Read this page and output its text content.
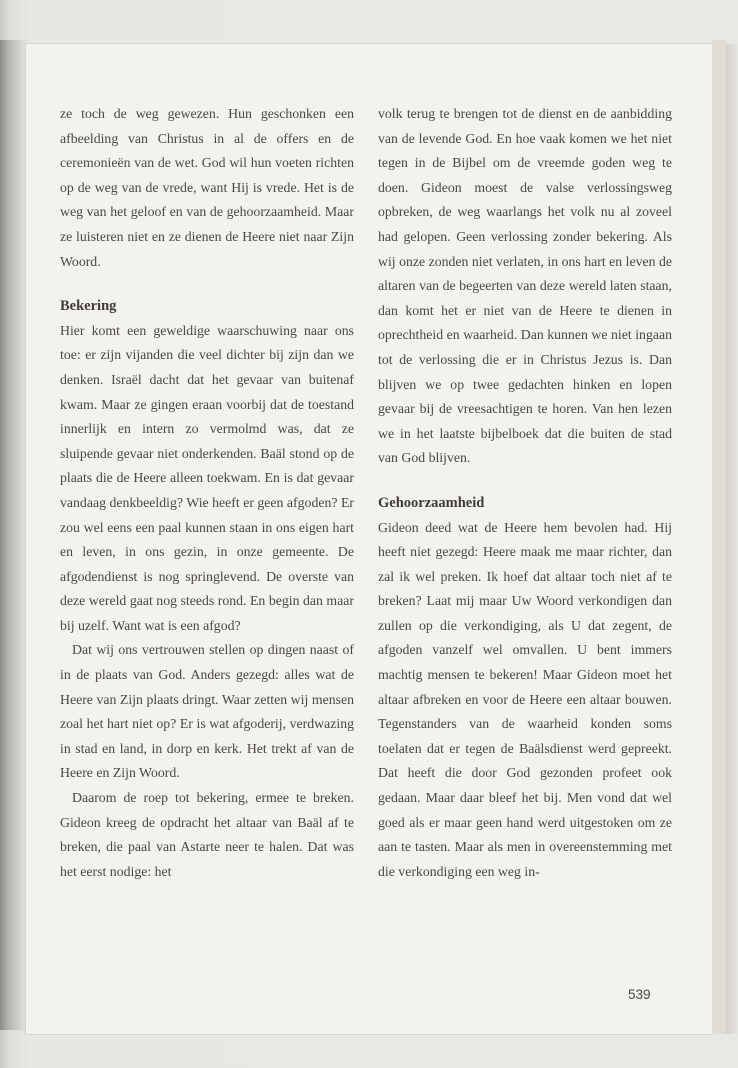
ze toch de weg gewezen. Hun geschonken een afbeelding van Christus in al de offers en de ceremonieën van de wet. God wil hun voeten richten op de weg van de vrede, want Hij is vrede. Het is de weg van het geloof en van de gehoorzaamheid. Maar ze luisteren niet en ze dienen de Heere niet naar Zijn Woord.

Bekering

Hier komt een geweldige waarschuwing naar ons toe: er zijn vijanden die veel dichter bij zijn dan we denken. Israël dacht dat het gevaar van buitenaf kwam. Maar ze gingen eraan voorbij dat de toestand innerlijk en intern zo vermolmd was, dat ze sluipende gevaar niet onderkenden. Baäl stond op de plaats die de Heere alleen toekwam. En is dat gevaar vandaag denkbeeldig? Wie heeft er geen afgoden? Er zou wel eens een paal kunnen staan in ons eigen hart en leven, in ons gezin, in onze gemeente. De afgodendienst is nog springlevend. De overste van deze wereld gaat nog steeds rond. En begin dan maar bij uzelf. Want wat is een afgod?

Dat wij ons vertrouwen stellen op dingen naast of in de plaats van God. Anders gezegd: alles wat de Heere van Zijn plaats dringt. Waar zetten wij mensen zoal het hart niet op? Er is wat afgoderij, verdwazing in stad en land, in dorp en kerk. Het trekt af van de Heere en Zijn Woord.

Daarom de roep tot bekering, ermee te breken. Gideon kreeg de opdracht het altaar van Baäl af te breken, die paal van Astarte neer te halen. Dat was het eerst nodige: het

volk terug te brengen tot de dienst en de aanbidding van de levende God. En hoe vaak komen we het niet tegen in de Bijbel om de vreemde goden weg te doen. Gideon moest de valse verlossingsweg opbreken, de weg waarlangs het volk nu al zoveel had gelopen. Geen verlossing zonder bekering. Als wij onze zonden niet verlaten, in ons hart en leven de altaren van de begeerten van deze wereld laten staan, dan komt het er niet van de Heere te dienen in oprechtheid en waarheid. Dan kunnen we niet ingaan tot de verlossing die er in Christus Jezus is. Dan blijven we op twee gedachten hinken en lopen gevaar bij de vreesachtigen te horen. Van hen lezen we in het laatste bijbelboek dat die buiten de stad van God blijven.

Gehoorzaamheid

Gideon deed wat de Heere hem bevolen had. Hij heeft niet gezegd: Heere maak me maar richter, dan zal ik wel preken. Ik hoef dat altaar toch niet af te breken? Laat mij maar Uw Woord verkondigen dan zullen op die verkondiging, als U dat zegent, de afgoden vanzelf wel omvallen. U bent immers machtig mensen te bekeren! Maar Gideon moet het altaar afbreken en voor de Heere een altaar bouwen. Tegenstanders van de waarheid konden soms toelaten dat er tegen de Baälsdienst werd gepreekt. Dat heeft die door God gezonden profeet ook gedaan. Maar daar bleef het bij. Men vond dat wel goed als er maar geen hand werd uitgestoken om ze aan te tasten. Maar als men in overeenstemming met die verkondiging een weg in-

539
